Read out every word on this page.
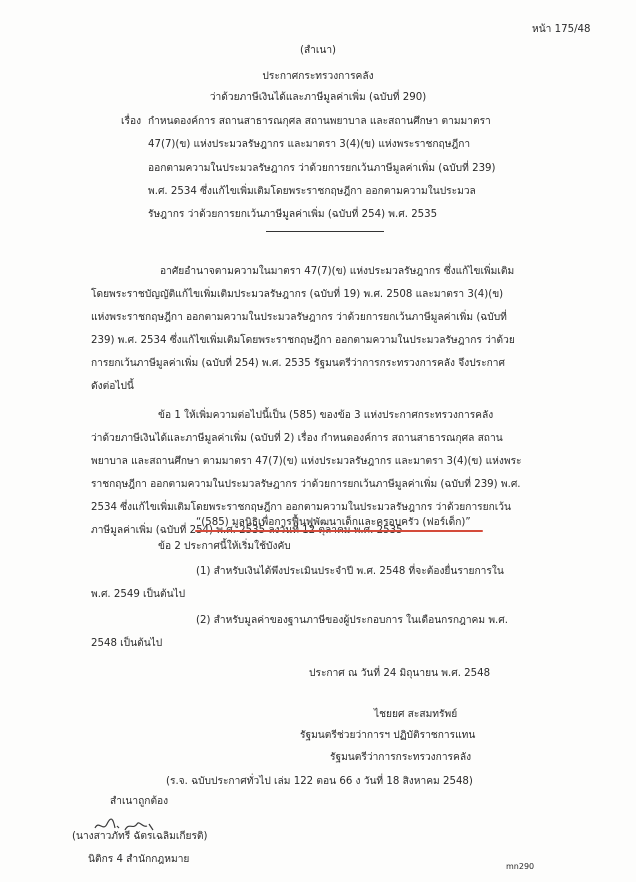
หน้า 175/48
(สำเนา)
ประกาศกระทรวงการคลัง
ว่าด้วยภาษีเงินได้และภาษีมูลค่าเพิ่ม (ฉบับที่ 290)
เรื่อง กำหนดองค์การ สถานสาธารณกุศล สถานพยาบาล และสถานศึกษา ตามมาตรา
47(7)(ข) แห่งประมวลรัษฎากร และมาตรา 3(4)(ข) แห่งพระราชกฤษฎีกา
ออกตามความในประมวลรัษฎากร ว่าด้วยการยกเว้นภาษีมูลค่าเพิ่ม (ฉบับที่ 239)
พ.ศ. 2534 ซึ่งแก้ไขเพิ่มเติมโดยพระราชกฤษฎีกา ออกตามความในประมวล
รัษฎากร ว่าด้วยการยกเว้นภาษีมูลค่าเพิ่ม (ฉบับที่ 254) พ.ศ. 2535
อาศัยอำนาจตามความในมาตรา 47(7)(ข) แห่งประมวลรัษฎากร ซึ่งแก้ไขเพิ่มเติม
โดยพระราชบัญญัติแก้ไขเพิ่มเติมประมวลรัษฎากร (ฉบับที่ 19) พ.ศ. 2508 และมาตรา 3(4)(ข)
แห่งพระราชกฤษฎีกา ออกตามความในประมวลรัษฎากร ว่าด้วยการยกเว้นภาษีมูลค่าเพิ่ม (ฉบับที่
239) พ.ศ. 2534 ซึ่งแก้ไขเพิ่มเติมโดยพระราชกฤษฎีกา ออกตามความในประมวลรัษฎากร ว่าด้วย
การยกเว้นภาษีมูลค่าเพิ่ม (ฉบับที่ 254) พ.ศ. 2535 รัฐมนตรีว่าการกระทรวงการคลัง จึงประกาศ
ดังต่อไปนี้
ข้อ 1 ให้เพิ่มความต่อไปนี้เป็น (585) ของข้อ 3 แห่งประกาศกระทรวงการคลัง
ว่าด้วยภาษีเงินได้และภาษีมูลค่าเพิ่ม (ฉบับที่ 2) เรื่อง กำหนดองค์การ สถานสาธารณกุศล สถาน
พยาบาล และสถานศึกษา ตามมาตรา 47(7)(ข) แห่งประมวลรัษฎากร และมาตรา 3(4)(ข) แห่งพระ
ราชกฤษฎีกา ออกตามความในประมวลรัษฎากร ว่าด้วยการยกเว้นภาษีมูลค่าเพิ่ม (ฉบับที่ 239) พ.ศ.
2534 ซึ่งแก้ไขเพิ่มเติมโดยพระราชกฤษฎีกา ออกตามความในประมวลรัษฎากร ว่าด้วยการยกเว้น
ภาษีมูลค่าเพิ่ม (ฉบับที่ 254) พ.ศ. 2535 ลงวันที่ 12 ตุลาคม พ.ศ. 2535
“(585) มูลนิธิเพื่อการฟื้นฟูพัฒนาเด็กและครอบครัว (ฟอร์เด็ก)”
ข้อ 2 ประกาศนี้ให้เริ่มใช้บังคับ
(1) สำหรับเงินได้พึงประเมินประจำปี พ.ศ. 2548 ที่จะต้องยื่นรายการใน
พ.ศ. 2549 เป็นต้นไป
(2) สำหรับมูลค่าของฐานภาษีของผู้ประกอบการ ในเดือนกรกฎาคม พ.ศ.
2548 เป็นต้นไป
ประกาศ ณ วันที่ 24 มิถุนายน พ.ศ. 2548
ไชยยศ สะสมทรัพย์
รัฐมนตรีช่วยว่าการฯ ปฏิบัติราชการแทน
รัฐมนตรีว่าการกระทรวงการคลัง
(ร.จ. ฉบับประกาศทั่วไป เล่ม 122 ตอน 66 ง วันที่ 18 สิงหาคม 2548)
สำเนาถูกต้อง
(นางสาวภัทรี ฉัตรเฉลิมเกียรติ)
นิติกร 4 สำนักกฎหมาย
mn290
